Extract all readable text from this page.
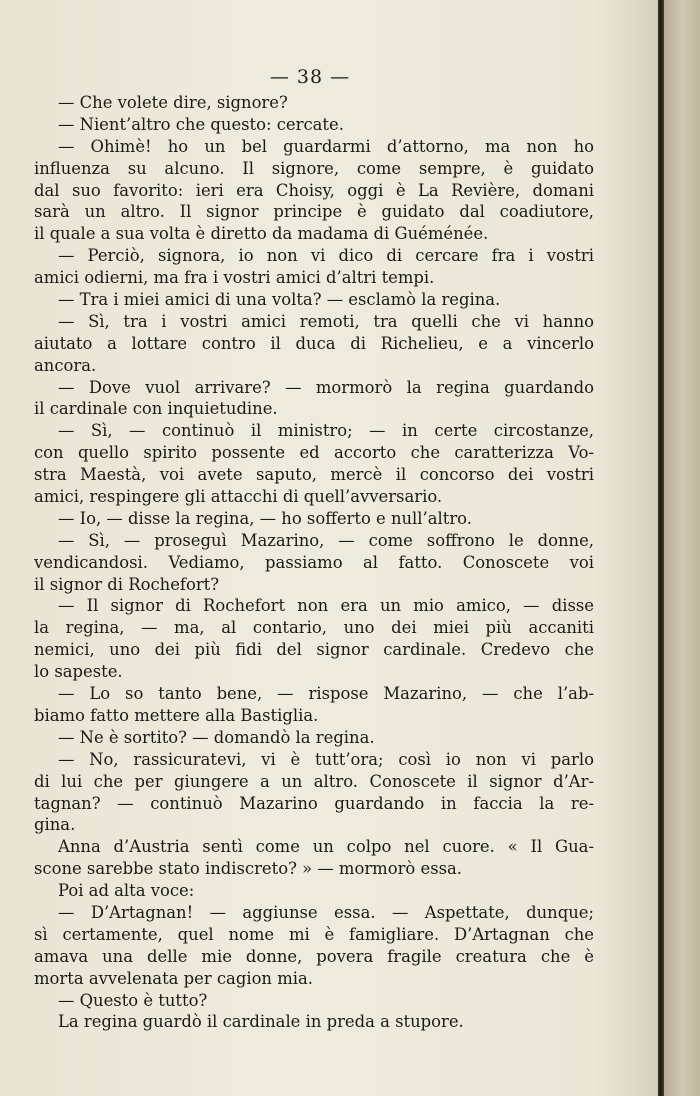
— 38 —
— Che volete dire, signore?
— Nient’altro che questo: cercate.
— Ohimè! ho un bel guardarmi d’attorno, ma non ho
influenza su alcuno. Il signore, come sempre, è guidato
dal suo favorito: ieri era Choisy, oggi è La Revière, domani
sarà un altro. Il signor principe è guidato dal coadiutore,
il quale a sua volta è diretto da madama di Guéménée.
— Perciò, signora, io non vi dico di cercare fra i vostri
amici odierni, ma fra i vostri amici d’altri tempi.
— Tra i miei amici di una volta? — esclamò la regina.
— Sì, tra i vostri amici remoti, tra quelli che vi hanno
aiutato a lottare contro il duca di Richelieu, e a vincerlo
ancora.
— Dove vuol arrivare? — mormorò la regina guardando
il cardinale con inquietudine.
— Sì, — continuò il ministro; — in certe circostanze,
con quello spirito possente ed accorto che caratterizza Vo-
stra Maestà, voi avete saputo, mercè il concorso dei vostri
amici, respingere gli attacchi di quell’avversario.
— Io, — disse la regina, — ho sofferto e null’altro.
— Sì, — proseguì Mazarino, — come soffrono le donne,
vendicandosi. Vediamo, passiamo al fatto. Conoscete voi
il signor di Rochefort?
— Il signor di Rochefort non era un mio amico, — disse
la regina, — ma, al contario, uno dei miei più accaniti
nemici, uno dei più fidi del signor cardinale. Credevo che
lo sapeste.
— Lo so tanto bene, — rispose Mazarino, — che l’ab-
biamo fatto mettere alla Bastiglia.
— Ne è sortito? — domandò la regina.
— No, rassicuratevi, vi è tutt’ora; così io non vi parlo
di lui che per giungere a un altro. Conoscete il signor d’Ar-
tagnan? — continuò Mazarino guardando in faccia la re-
gina.
Anna d’Austria sentì come un colpo nel cuore. « Il Gua-
scone sarebbe stato indiscreto? » — mormorò essa.
Poi ad alta voce:
— D’Artagnan! — aggiunse essa. — Aspettate, dunque;
sì certamente, quel nome mi è famigliare. D’Artagnan che
amava una delle mie donne, povera fragile creatura che è
morta avvelenata per cagion mia.
— Questo è tutto?
La regina guardò il cardinale in preda a stupore.
